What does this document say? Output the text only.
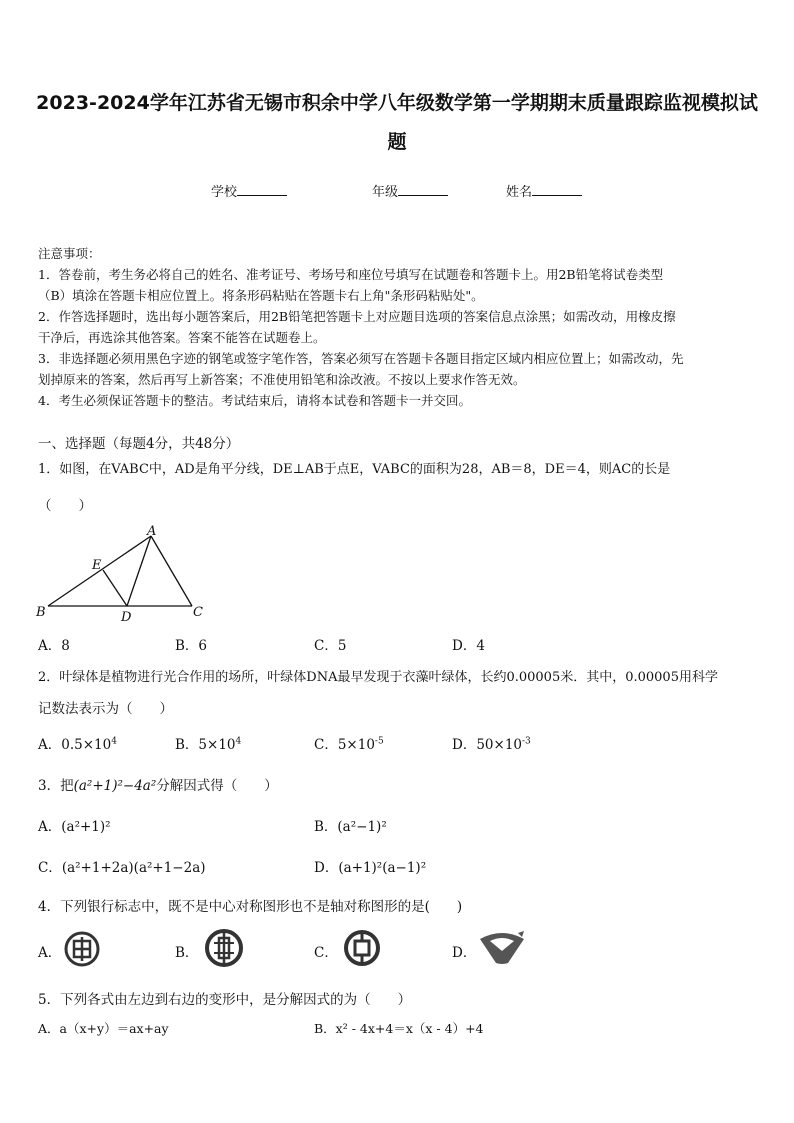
2023-2024学年江苏省无锡市积余中学八年级数学第一学期期末质量跟踪监视模拟试
题
学校	年级	姓名
注意事项：
1．答卷前，考生务必将自己的姓名、准考证号、考场号和座位号填写在试题卷和答题卡上。用2B铅笔将试卷类型
（B）填涂在答题卡相应位置上。将条形码粘贴在答题卡右上角"条形码粘贴处"。
2．作答选择题时，选出每小题答案后，用2B铅笔把答题卡上对应题目选项的答案信息点涂黑；如需改动，用橡皮擦
干净后，再选涂其他答案。答案不能答在试题卷上。
3．非选择题必须用黑色字迹的钢笔或签字笔作答，答案必须写在答题卡各题目指定区域内相应位置上；如需改动，先
划掉原来的答案，然后再写上新答案；不准使用铅笔和涂改液。不按以上要求作答无效。
4．考生必须保证答题卡的整洁。考试结束后，请将本试卷和答题卡一并交回。
一、选择题（每题4分，共48分）
1．如图，在VABC中，AD是角平分线，DE⊥AB于点E，VABC的面积为28，AB＝8，DE＝4，则AC的长是
（　　）
A
E
B	D	C
A．8	B．6	C．5	D．4
2．叶绿体是植物进行光合作用的场所，叶绿体DNA最早发现于衣藻叶绿体，长约0.00005米．其中，0.00005用科学
记数法表示为（　　）
A．$0.5\times 10^4$	B．$5\times 10^4$	C．$5\times 10^{-5}$	D．$50\times 10^{-3}$
3．把(a²+1)²−4a²分解因式得（　　）
A．(a²+1)²	B．(a²−1)²
C．(a²+1+2a)(a²+1−2a)	D．(a+1)²(a−1)²
4．下列银行标志中，既不是中心对称图形也不是轴对称图形的是(　　)
A．	B．	C．	D．
5．下列各式由左边到右边的变形中，是分解因式的为（　　）
A．a（x+y）＝ax+ay	B．x² - 4x+4＝x（x - 4）+4
